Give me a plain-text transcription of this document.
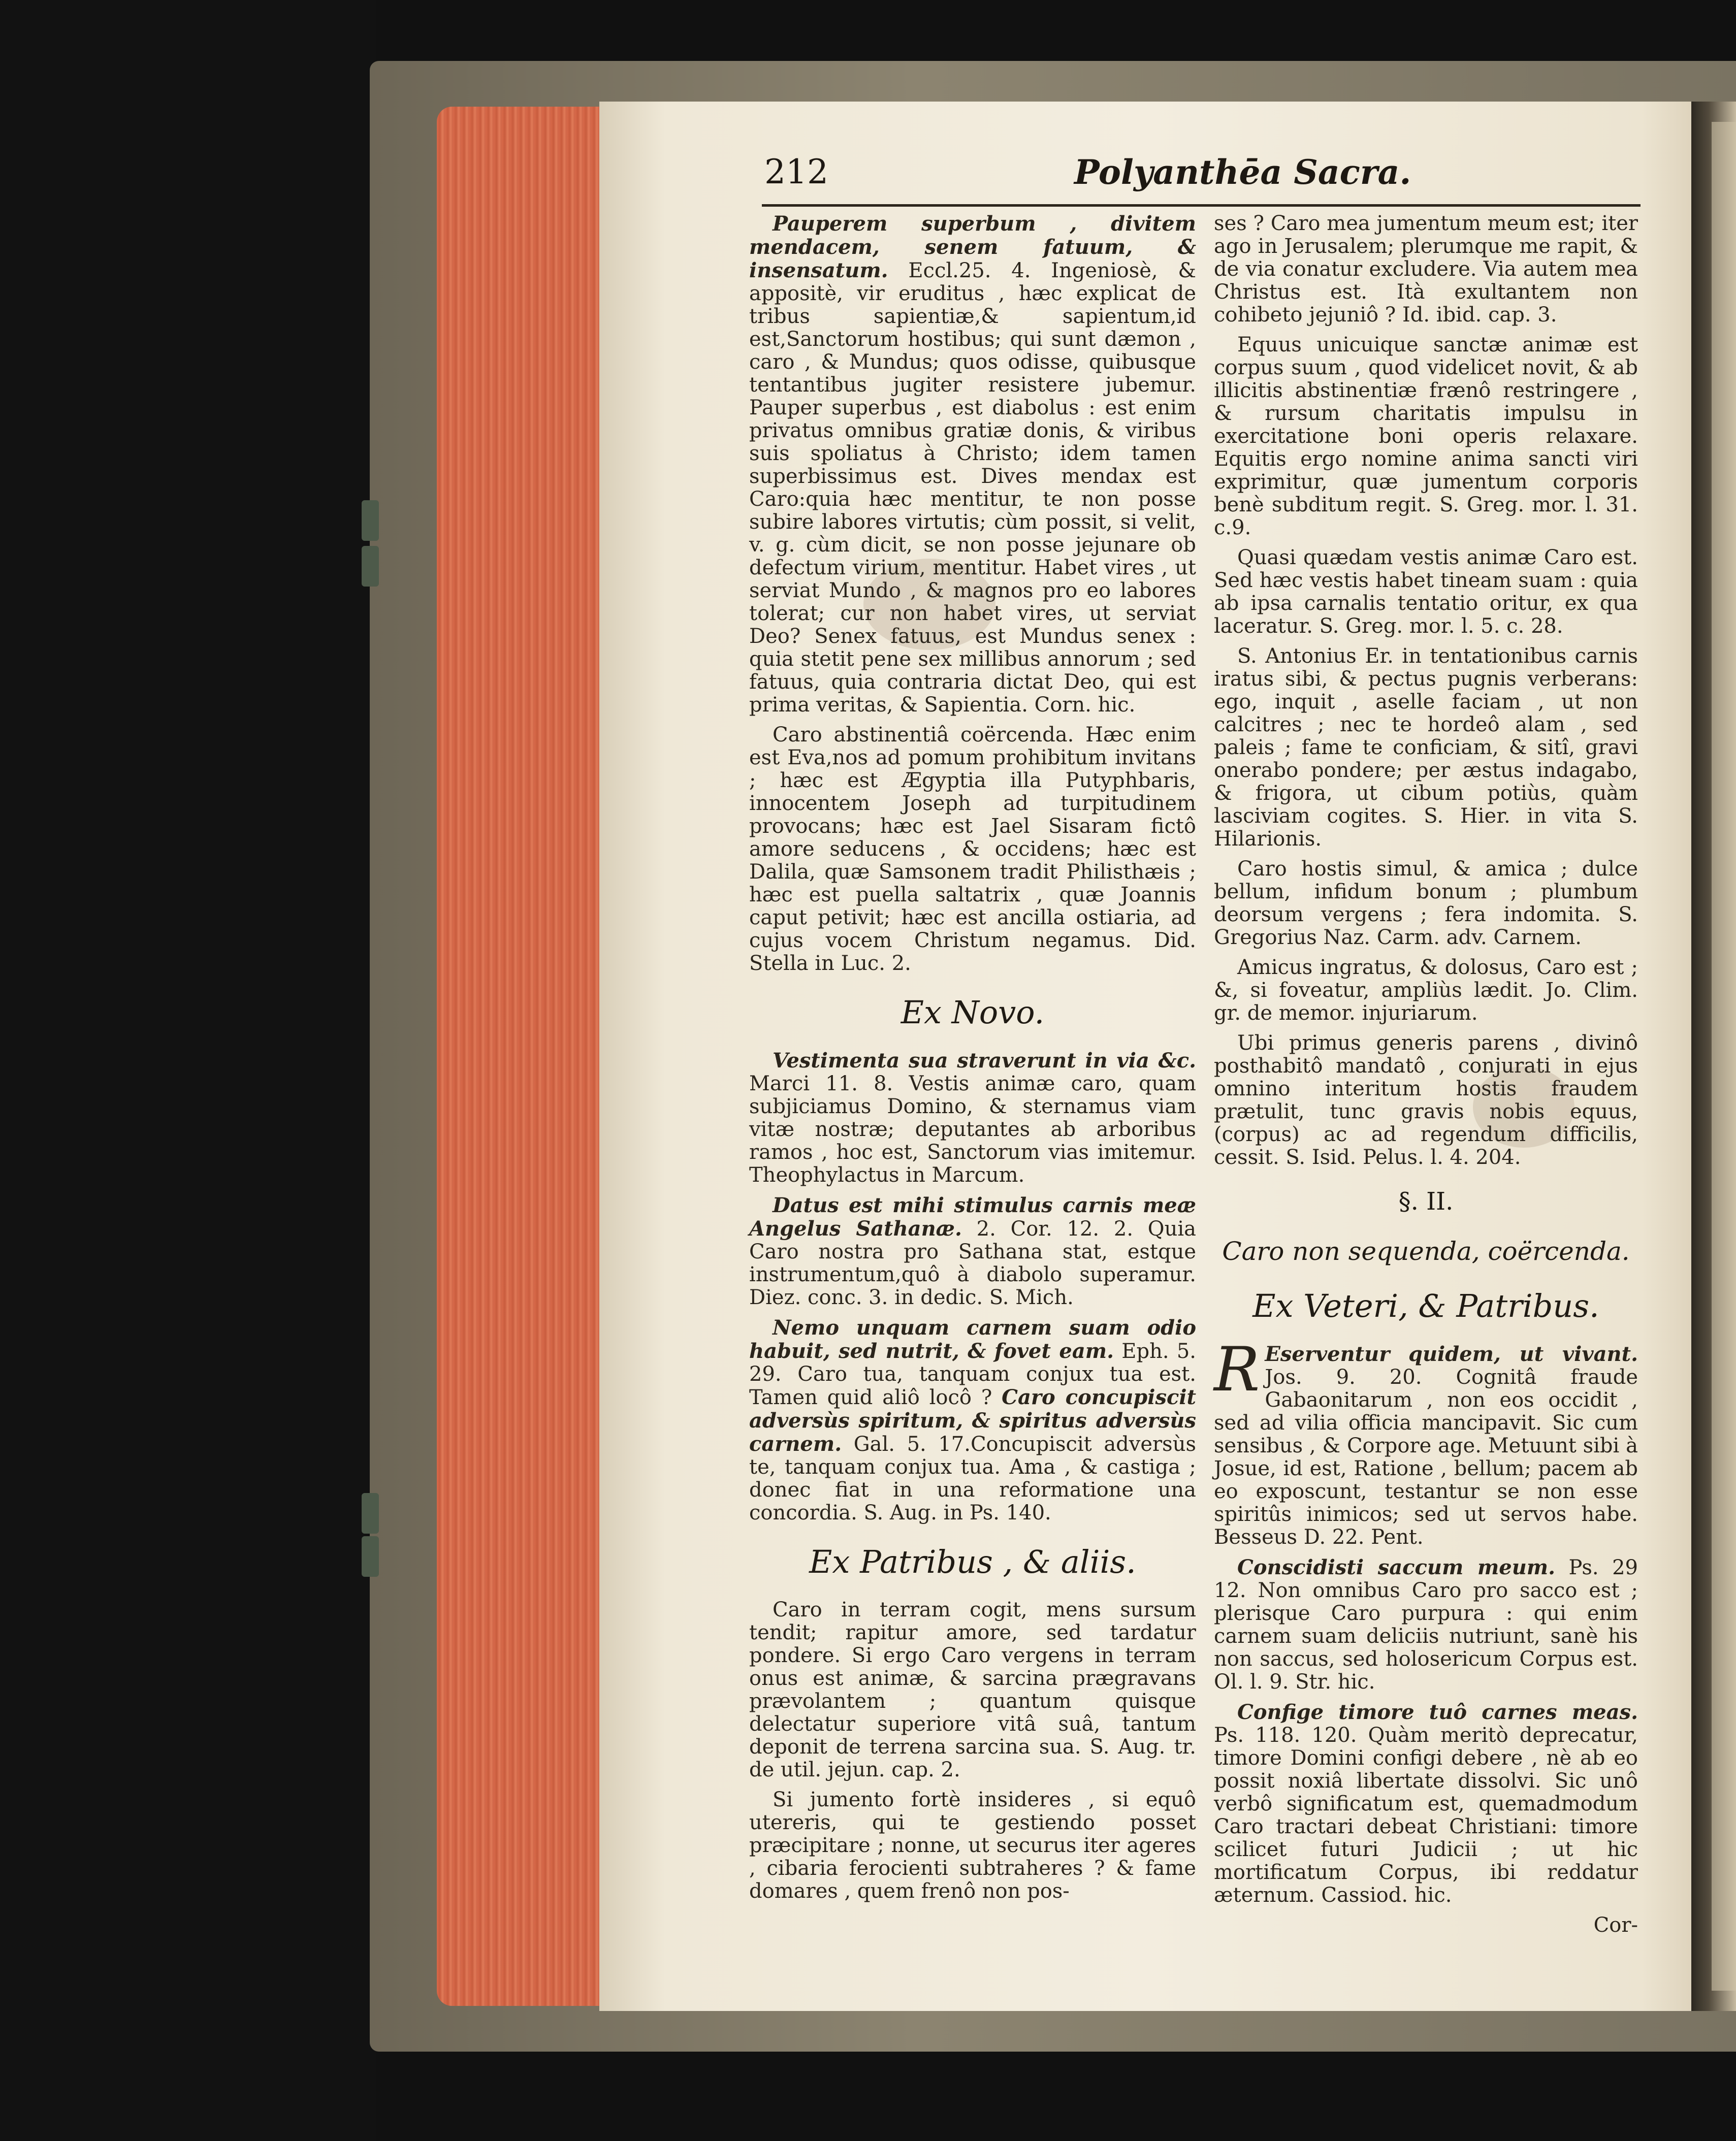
212	Polyanthēa Sacra.

Pauperem superbum , divitem mendacem, senem fatuum, & insensatum. Eccl.25. 4. Ingeniosè, & appositè, vir eruditus , hæc explicat de tribus sapientiæ,& sapientum,id est,Sanctorum hostibus; qui sunt dæmon , caro , & Mundus; quos odisse, quibusque tentantibus jugiter resistere jubemur. Pauper superbus , est diabolus : est enim privatus omnibus gratiæ donis, & viribus suis spoliatus à Christo; idem tamen superbissimus est. Dives mendax est Caro:quia hæc mentitur, te non posse subire labores virtutis; cùm possit, si velit, v. g. cùm dicit, se non posse jejunare ob defectum virium, mentitur. Habet vires , ut serviat Mundo , & magnos pro eo labores tolerat; cur non habet vires, ut serviat Deo? Senex fatuus, est Mundus senex : quia stetit pene sex millibus annorum ; sed fatuus, quia contraria dictat Deo, qui est prima veritas, & Sapientia. Corn. hic.

Caro abstinentiâ coërcenda. Hæc enim est Eva,nos ad pomum prohibitum invitans ; hæc est Ægyptia illa Putyphbaris, innocentem Joseph ad turpitudinem provocans; hæc est Jael Sisaram fictô amore seducens , & occidens; hæc est Dalila, quæ Samsonem tradit Philisthæis ; hæc est puella saltatrix , quæ Joannis caput petivit; hæc est ancilla ostiaria, ad cujus vocem Christum negamus. Did. Stella in Luc. 2.

Ex Novo.

Vestimenta sua straverunt in via &c. Marci 11. 8. Vestis animæ caro, quam subjiciamus Domino, & sternamus viam vitæ nostræ; deputantes ab arboribus ramos , hoc est, Sanctorum vias imitemur. Theophylactus in Marcum.

Datus est mihi stimulus carnis meæ Angelus Sathanæ. 2. Cor. 12. 2. Quia Caro nostra pro Sathana stat, estque instrumentum,quô à diabolo superamur. Diez. conc. 3. in dedic. S. Mich.

Nemo unquam carnem suam odio habuit, sed nutrit, & fovet eam. Eph. 5. 29. Caro tua, tanquam conjux tua est. Tamen quid aliô locô ? Caro concupiscit adversùs spiritum, & spiritus adversùs carnem. Gal. 5. 17.Concupiscit adversùs te, tanquam conjux tua. Ama , & castiga ; donec fiat in una reformatione una concordia. S. Aug. in Ps. 140.

Ex Patribus , & aliis.

Caro in terram cogit, mens sursum tendit; rapitur amore, sed tardatur pondere. Si ergo Caro vergens in terram onus est animæ, & sarcina prægravans prævolantem ; quantum quisque delectatur superiore vitâ suâ, tantum deponit de terrena sarcina sua. S. Aug. tr. de util. jejun. cap. 2.

Si jumento fortè insideres , si equô utereris, qui te gestiendo posset præcipitare ; nonne, ut securus iter ageres , cibaria ferocienti subtraheres ? & fame domares , quem frenô non pos-

ses ? Caro mea jumentum meum est; iter ago in Jerusalem; plerumque me rapit, & de via conatur excludere. Via autem mea Christus est. Ità exultantem non cohibeto jejuniô ? Id. ibid. cap. 3.

Equus unicuique sanctæ animæ est corpus suum , quod videlicet novit, & ab illicitis abstinentiæ frænô restringere , & rursum charitatis impulsu in exercitatione boni operis relaxare. Equitis ergo nomine anima sancti viri exprimitur, quæ jumentum corporis benè subditum regit. S. Greg. mor. l. 31. c.9.

Quasi quædam vestis animæ Caro est. Sed hæc vestis habet tineam suam : quia ab ipsa carnalis tentatio oritur, ex qua laceratur. S. Greg. mor. l. 5. c. 28.

S. Antonius Er. in tentationibus carnis iratus sibi, & pectus pugnis verberans: ego, inquit , aselle faciam , ut non calcitres ; nec te hordeô alam , sed paleis ; fame te conficiam, & sitî, gravi onerabo pondere; per æstus indagabo, & frigora, ut cibum potiùs, quàm lasciviam cogites. S. Hier. in vita S. Hilarionis.

Caro hostis simul, & amica ; dulce bellum, infidum bonum ; plumbum deorsum vergens ; fera indomita. S. Gregorius Naz. Carm. adv. Carnem.

Amicus ingratus, & dolosus, Caro est ; &, si foveatur, ampliùs lædit. Jo. Clim. gr. de memor. injuriarum.

Ubi primus generis parens , divinô posthabitô mandatô , conjurati in ejus omnino interitum hostis fraudem prætulit, tunc gravis nobis equus, (corpus) ac ad regendum difficilis, cessit. S. Isid. Pelus. l. 4. 204.

§. II.
Caro non sequenda, coërcenda.
Ex Veteri, & Patribus.

R Eserventur quidem, ut vivant. Jos. 9. 20. Cognitâ fraude Gabaonitarum , non eos occidit , sed ad vilia officia mancipavit. Sic cum sensibus , & Corpore age. Metuunt sibi à Josue, id est, Ratione , bellum; pacem ab eo exposcunt, testantur se non esse spiritûs inimicos; sed ut servos habe. Besseus D. 22. Pent.

Conscidisti saccum meum. Ps. 29 12. Non omnibus Caro pro sacco est ; plerisque Caro purpura : qui enim carnem suam deliciis nutriunt, sanè his non saccus, sed holosericum Corpus est. Ol. l. 9. Str. hic.

Confige timore tuô carnes meas. Ps. 118. 120. Quàm meritò deprecatur, timore Domini configi debere , nè ab eo possit noxiâ libertate dissolvi. Sic unô verbô significatum est, quemadmodum Caro tractari debeat Christiani: timore scilicet futuri Judicii ; ut hic mortificatum Corpus, ibi reddatur æternum. Cassiod. hic.

Cor-
